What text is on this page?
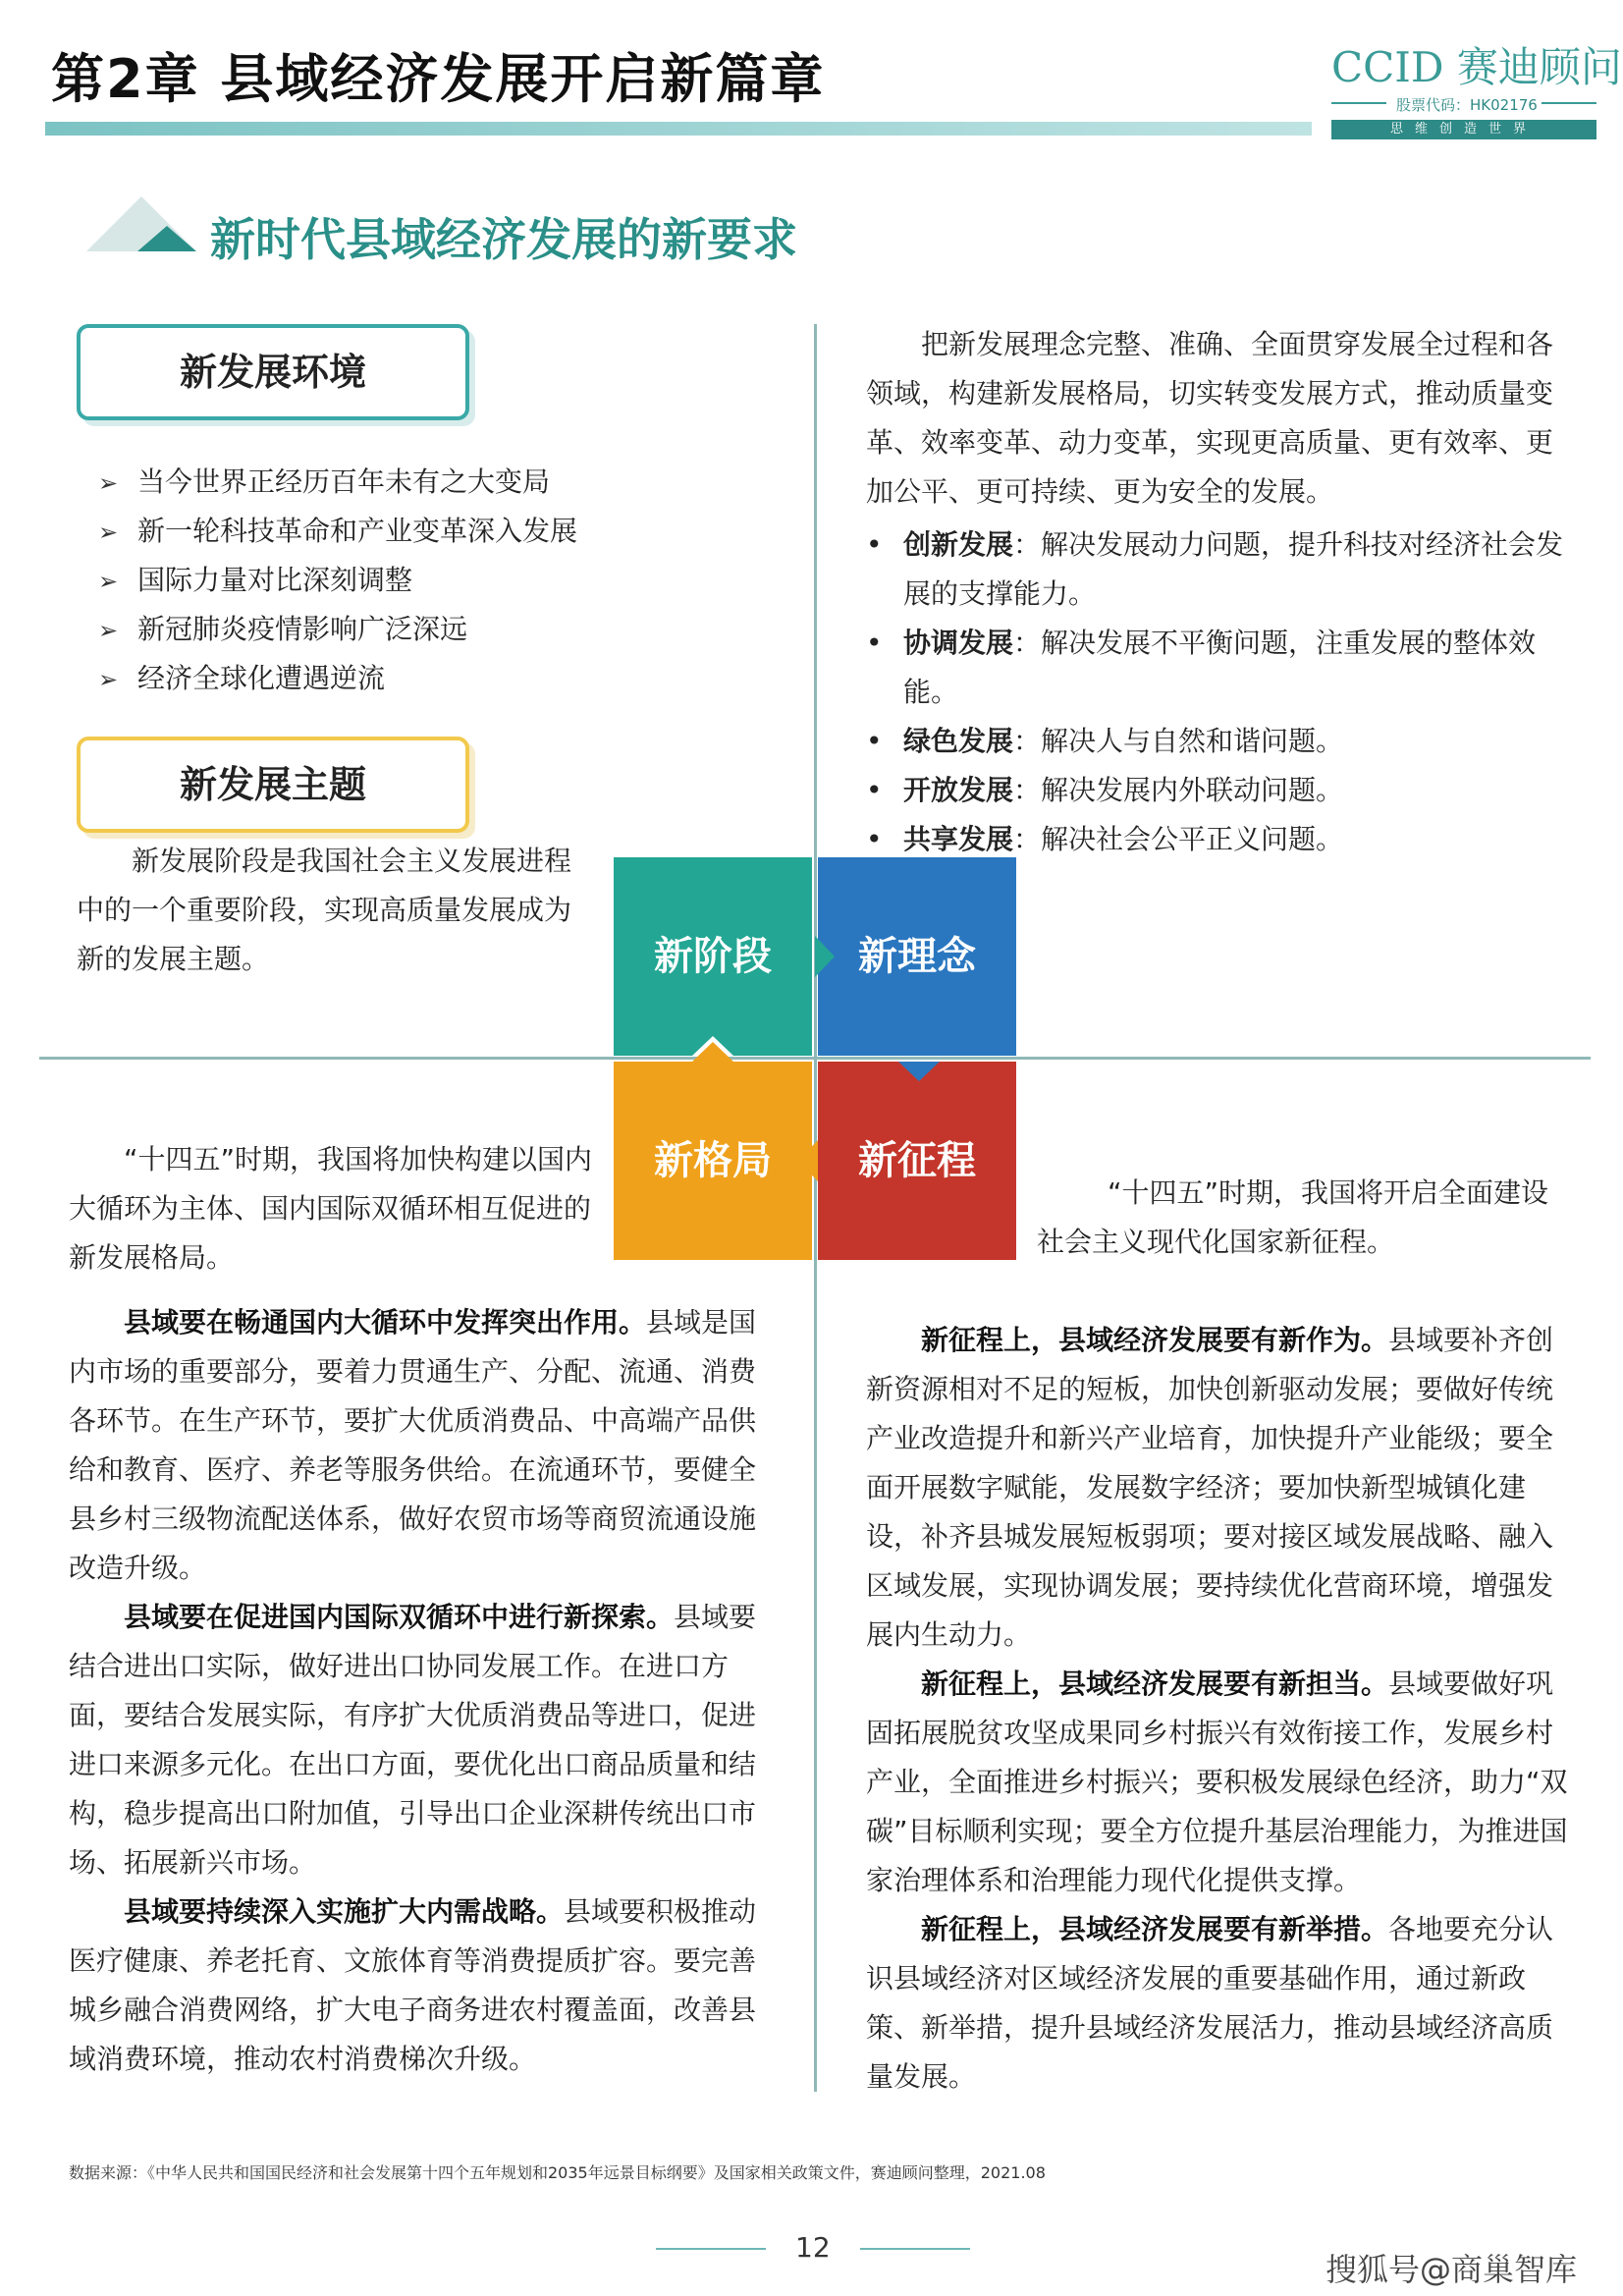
第2章 县域经济发展开启新篇章	CCID 赛迪顾问
股票代码：HK02176
思维创造世界
新时代县域经济发展的新要求
新发展环境
➢ 当今世界正经历百年未有之大变局
➢ 新一轮科技革命和产业变革深入发展
➢ 国际力量对比深刻调整
➢ 新冠肺炎疫情影响广泛深远
➢ 经济全球化遭遇逆流
新发展主题
新发展阶段是我国社会主义发展进程中的一个重要阶段，实现高质量发展成为新的发展主题。
把新发展理念完整、准确、全面贯穿发展全过程和各领域，构建新发展格局，切实转变发展方式，推动质量变革、效率变革、动力变革，实现更高质量、更有效率、更加公平、更可持续、更为安全的发展。
• 创新发展：解决发展动力问题，提升科技对经济社会发展的支撑能力。
• 协调发展：解决发展不平衡问题，注重发展的整体效能。
• 绿色发展：解决人与自然和谐问题。
• 开放发展：解决发展内外联动问题。
• 共享发展：解决社会公平正义问题。
新阶段	新理念
新格局	新征程
“十四五”时期，我国将加快构建以国内大循环为主体、国内国际双循环相互促进的新发展格局。
“十四五”时期，我国将开启全面建设社会主义现代化国家新征程。

县域要在畅通国内大循环中发挥突出作用。县域是国内市场的重要部分，要着力贯通生产、分配、流通、消费各环节。在生产环节，要扩大优质消费品、中高端产品供给和教育、医疗、养老等服务供给。在流通环节，要健全县乡村三级物流配送体系，做好农贸市场等商贸流通设施改造升级。

县域要在促进国内国际双循环中进行新探索。县域要结合进出口实际，做好进出口协同发展工作。在进口方面，要结合发展实际，有序扩大优质消费品等进口，促进进口来源多元化。在出口方面，要优化出口商品质量和结构，稳步提高出口附加值，引导出口企业深耕传统出口市场、拓展新兴市场。

县域要持续深入实施扩大内需战略。县域要积极推动医疗健康、养老托育、文旅体育等消费提质扩容。要完善城乡融合消费网络，扩大电子商务进农村覆盖面，改善县域消费环境，推动农村消费梯次升级。

新征程上，县域经济发展要有新作为。县域要补齐创新资源相对不足的短板，加快创新驱动发展；要做好传统产业改造提升和新兴产业培育，加快提升产业能级；要全面开展数字赋能，发展数字经济；要加快新型城镇化建设，补齐县城发展短板弱项；要对接区域发展战略、融入区域发展，实现协调发展；要持续优化营商环境，增强发展内生动力。

新征程上，县域经济发展要有新担当。县域要做好巩固拓展脱贫攻坚成果同乡村振兴有效衔接工作，发展乡村产业，全面推进乡村振兴；要积极发展绿色经济，助力“双碳”目标顺利实现；要全方位提升基层治理能力，为推进国家治理体系和治理能力现代化提供支撑。

新征程上，县域经济发展要有新举措。各地要充分认识县域经济对区域经济发展的重要基础作用，通过新政策、新举措，提升县域经济发展活力，推动县域经济高质量发展。

数据来源：《中华人民共和国国民经济和社会发展第十四个五年规划和2035年远景目标纲要》及国家相关政策文件，赛迪顾问整理，2021.08
12
搜狐号@商巢智库
